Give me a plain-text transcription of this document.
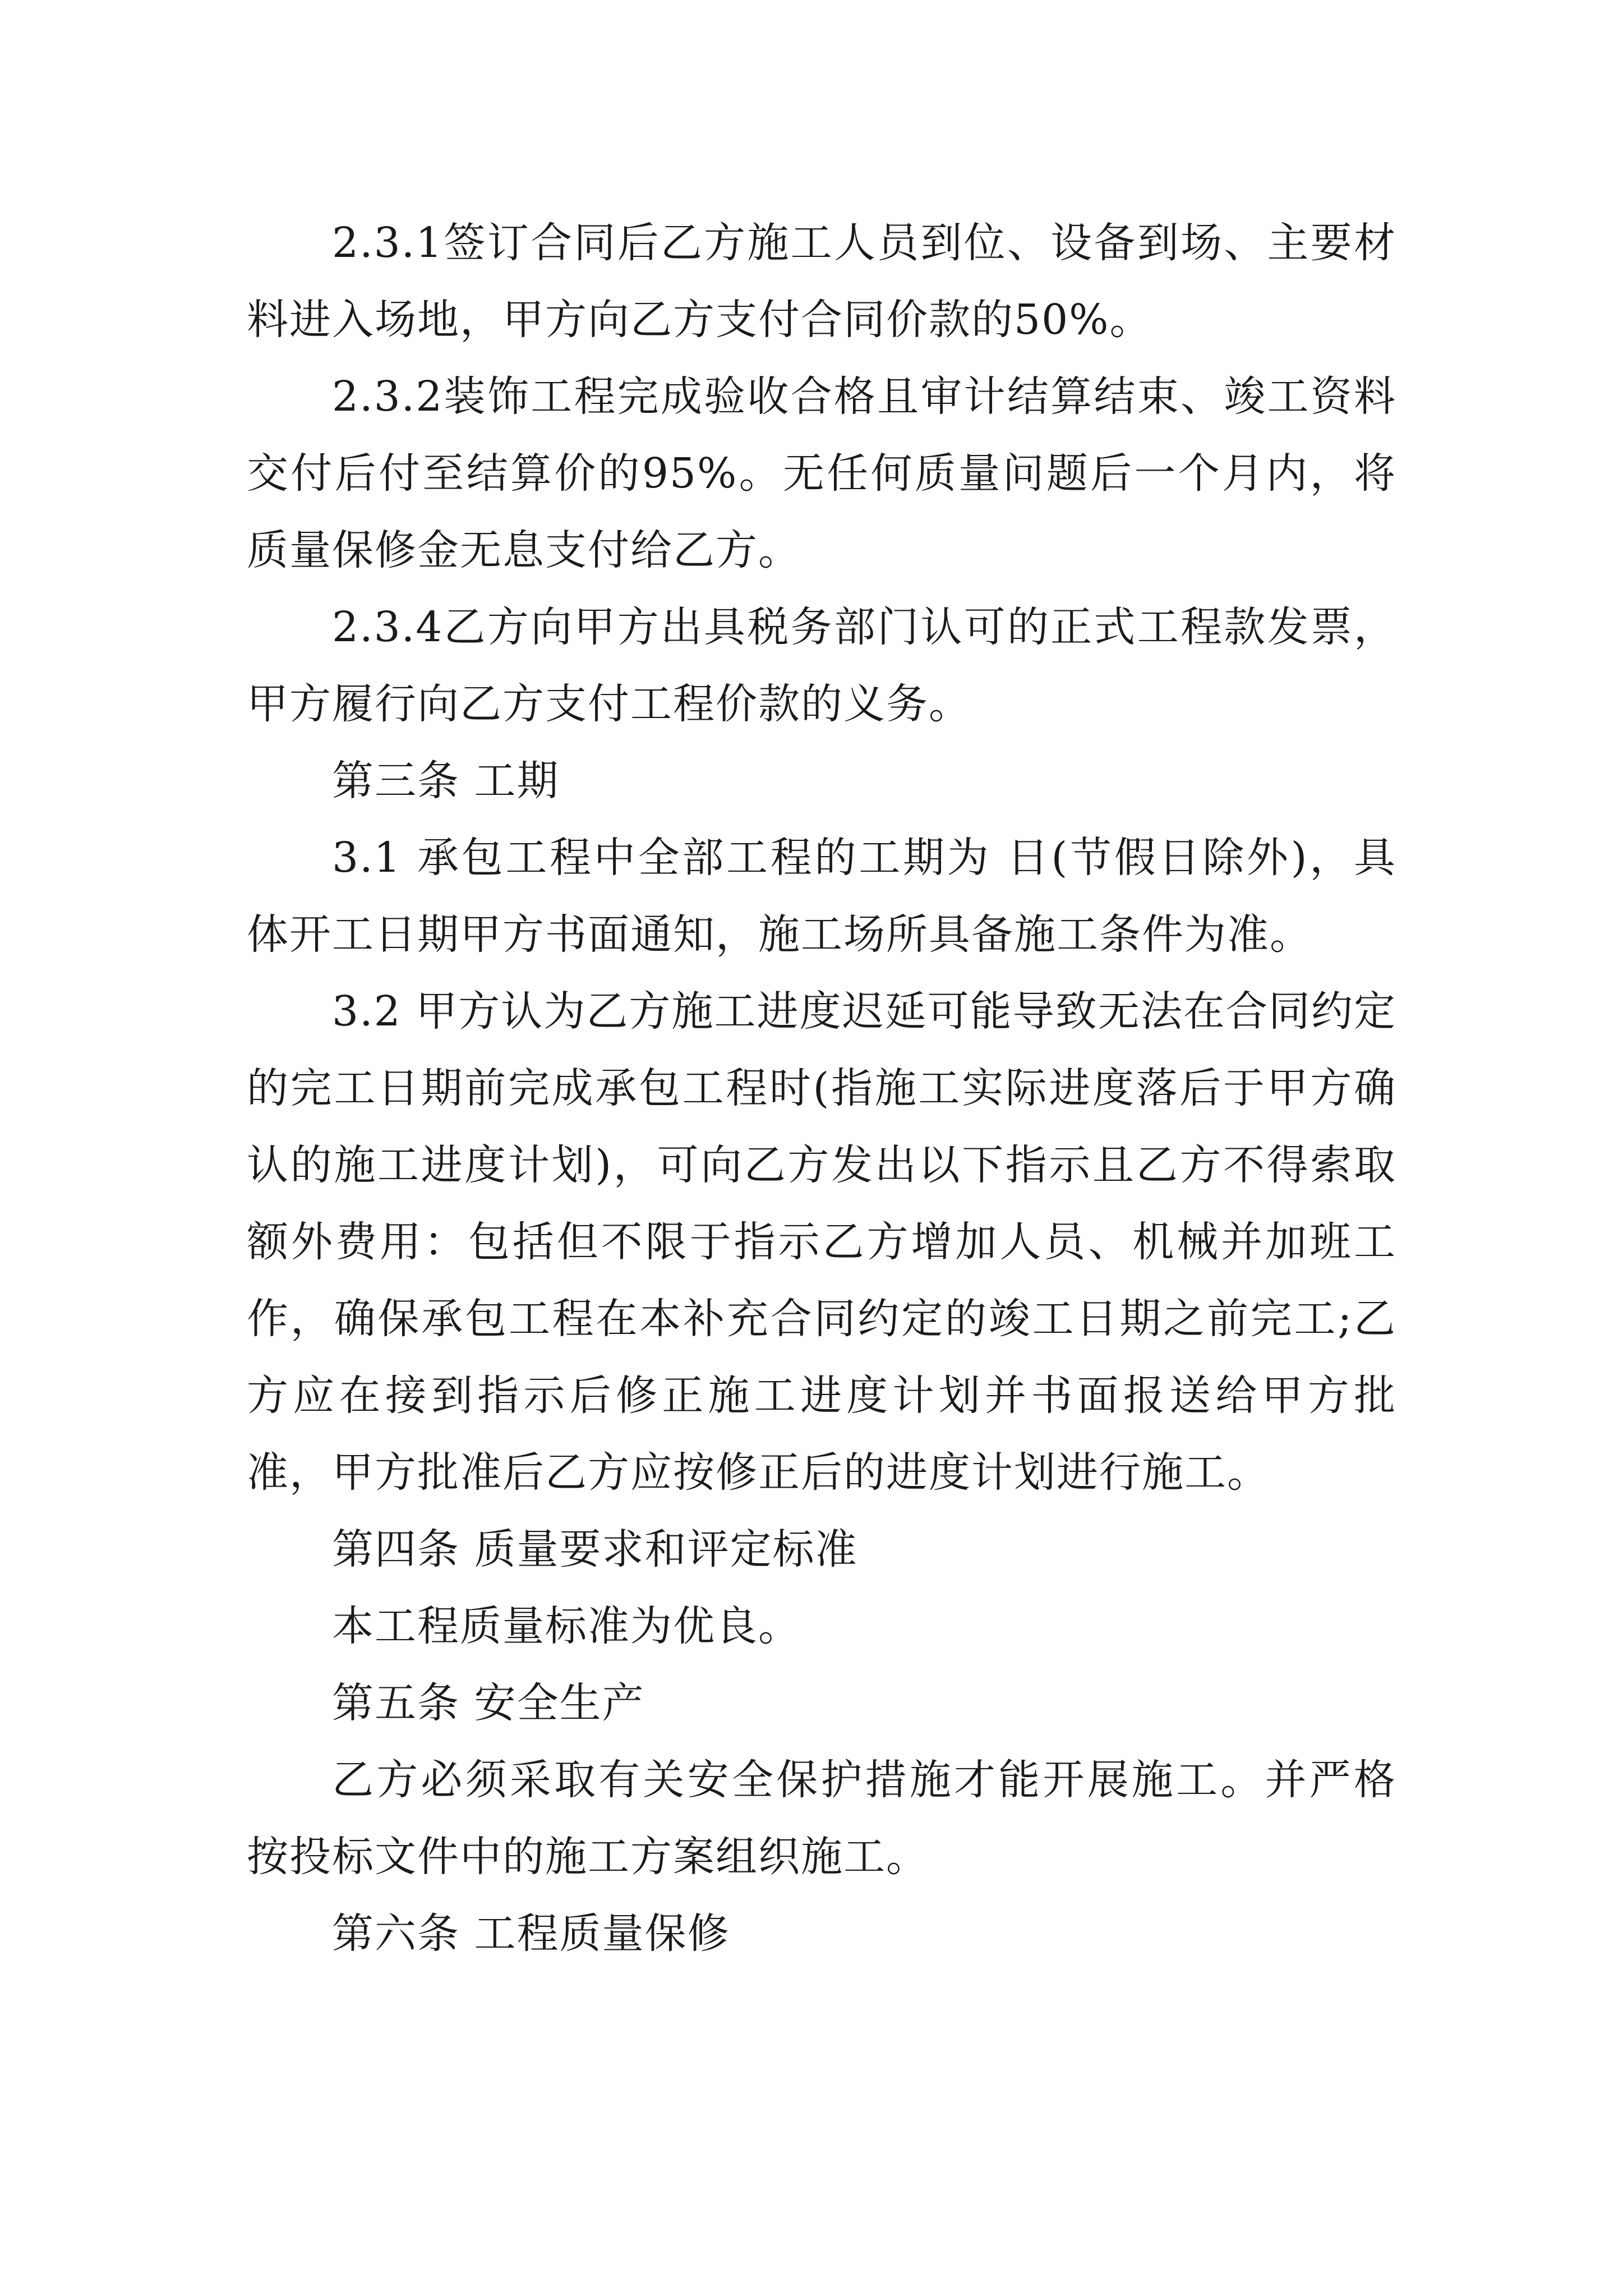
2.3.1签订合同后乙方施工人员到位、设备到场、主要材料进入场地，甲方向乙方支付合同价款的50%。

2.3.2装饰工程完成验收合格且审计结算结束、竣工资料交付后付至结算价的95%。无任何质量问题后一个月内，将质量保修金无息支付给乙方。

2.3.4乙方向甲方出具税务部门认可的正式工程款发票，甲方履行向乙方支付工程价款的义务。

第三条 工期

3.1 承包工程中全部工程的工期为 日(节假日除外)，具体开工日期甲方书面通知，施工场所具备施工条件为准。

3.2 甲方认为乙方施工进度迟延可能导致无法在合同约定的完工日期前完成承包工程时(指施工实际进度落后于甲方确认的施工进度计划)，可向乙方发出以下指示且乙方不得索取额外费用：包括但不限于指示乙方增加人员、机械并加班工作，确保承包工程在本补充合同约定的竣工日期之前完工;乙方应在接到指示后修正施工进度计划并书面报送给甲方批准，甲方批准后乙方应按修正后的进度计划进行施工。

第四条 质量要求和评定标准

本工程质量标准为优良。

第五条 安全生产

乙方必须采取有关安全保护措施才能开展施工。并严格按投标文件中的施工方案组织施工。

第六条 工程质量保修
